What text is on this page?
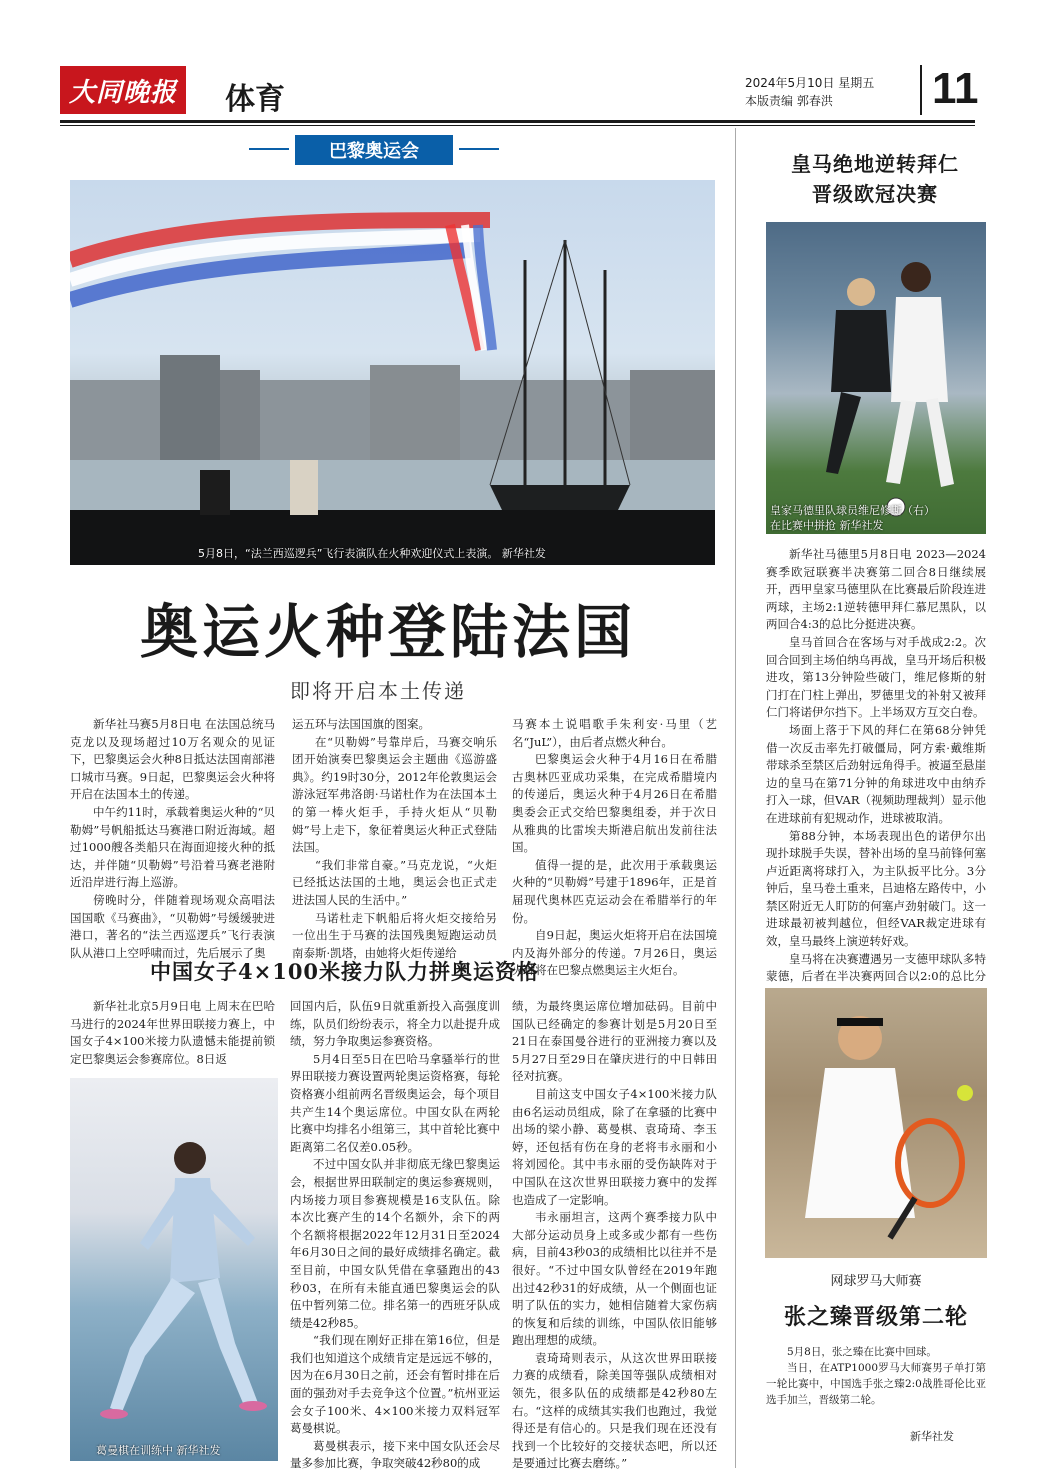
大同晚报	体育	2024年5月10日 星期五
本版责编 郭春洪 11
巴黎奥运会
5月8日，“法兰西巡逻兵”飞行表演队在火种欢迎仪式上表演。 新华社发
奥运火种登陆法国
即将开启本土传递

新华社马赛5月8日电 在法国总统马克龙以及现场超过10万名观众的见证下，巴黎奥运会火种8日抵达法国南部港口城市马赛。9日起，巴黎奥运会火种将开启在法国本土的传递。

中午约11时，承载着奥运火种的“贝勒姆”号帆船抵达马赛港口附近海域。超过1000艘各类船只在海面迎接火种的抵达，并伴随“贝勒姆”号沿着马赛老港附近沿岸进行海上巡游。

傍晚时分，伴随着现场观众高唱法国国歌《马赛曲》，“贝勒姆”号缓缓驶进港口，著名的“法兰西巡逻兵”飞行表演队从港口上空呼啸而过，先后展示了奥

运五环与法国国旗的图案。

在“贝勒姆”号靠岸后，马赛交响乐团开始演奏巴黎奥运会主题曲《巡游盛典》。约19时30分，2012年伦敦奥运会游泳冠军弗洛朗·马诺杜作为在法国本土的第一棒火炬手，手持火炬从“贝勒姆”号上走下，象征着奥运火种正式登陆法国。

“我们非常自豪。”马克龙说，“火炬已经抵达法国的土地，奥运会也正式走进法国人民的生活中。”

马诺杜走下帆船后将火炬交接给另一位出生于马赛的法国残奥短跑运动员南泰斯·凯塔，由她将火炬传递给

马赛本土说唱歌手朱利安·马里（艺名“JuL”），由后者点燃火种台。

巴黎奥运会火种于4月16日在希腊古奥林匹亚成功采集，在完成希腊境内的传递后，奥运火种于4月26日在希腊奥委会正式交给巴黎奥组委，并于次日从雅典的比雷埃夫斯港启航出发前往法国。

值得一提的是，此次用于承载奥运火种的“贝勒姆”号建于1896年，正是首届现代奥林匹克运动会在希腊举行的年份。

自9日起，奥运火炬将开启在法国境内及海外部分的传递。7月26日，奥运火种将在巴黎点燃奥运主火炬台。

中国女子4×100米接力队力拼奥运资格

新华社北京5月9日电 上周末在巴哈马进行的2024年世界田联接力赛上，中国女子4×100米接力队遗憾未能提前锁定巴黎奥运会参赛席位。8日返

葛曼棋在训练中 新华社发

回国内后，队伍9日就重新投入高强度训练，队员们纷纷表示，将全力以赴提升成绩，努力争取奥运参赛资格。

5月4日至5日在巴哈马拿骚举行的世界田联接力赛设置两轮奥运资格赛，每轮资格赛小组前两名晋级奥运会，每个项目共产生14个奥运席位。中国女队在两轮比赛中均排名小组第三，其中首轮比赛中距离第二名仅差0.05秒。

不过中国女队并非彻底无缘巴黎奥运会，根据世界田联制定的奥运参赛规则，内场接力项目参赛规模是16支队伍。除本次比赛产生的14个名额外，余下的两个名额将根据2022年12月31日至2024年6月30日之间的最好成绩排名确定。截至目前，中国女队凭借在拿骚跑出的43秒03，在所有未能直通巴黎奥运会的队伍中暂列第二位。排名第一的西班牙队成绩是42秒85。

“我们现在刚好正排在第16位，但是我们也知道这个成绩肯定是远远不够的，因为在6月30日之前，还会有暂时排在后面的强劲对手去竞争这个位置。”杭州亚运会女子100米、4×100米接力双料冠军葛曼棋说。

葛曼棋表示，接下来中国女队还会尽量多参加比赛，争取突破42秒80的成

绩，为最终奥运席位增加砝码。目前中国队已经确定的参赛计划是5月20日至21日在泰国曼谷进行的亚洲接力赛以及5月27日至29日在肇庆进行的中日韩田径对抗赛。

目前这支中国女子4×100米接力队由6名运动员组成，除了在拿骚的比赛中出场的梁小静、葛曼棋、袁琦琦、李玉婷，还包括有伤在身的老将韦永丽和小将刘园伦。其中韦永丽的受伤缺阵对于中国队在这次世界田联接力赛中的发挥也造成了一定影响。

韦永丽坦言，这两个赛季接力队中大部分运动员身上或多或少都有一些伤病，目前43秒03的成绩相比以往并不是很好。“不过中国女队曾经在2019年跑出过42秒31的好成绩，从一个侧面也证明了队伍的实力，她相信随着大家伤病的恢复和后续的训练，中国队依旧能够跑出理想的成绩。

袁琦琦则表示，从这次世界田联接力赛的成绩看，除美国等强队成绩相对领先，很多队伍的成绩都是42秒80左右。“这样的成绩其实我们也跑过，我觉得还是有信心的。只是我们现在还没有找到一个比较好的交接状态吧，所以还是要通过比赛去磨练。”

皇马绝地逆转拜仁
晋级欧冠决赛
皇家马德里队球员维尼修斯（右）
在比赛中拼抢 新华社发

新华社马德里5月8日电 2023—2024赛季欧冠联赛半决赛第二回合8日继续展开，西甲皇家马德里队在比赛最后阶段连进两球，主场2:1逆转德甲拜仁慕尼黑队，以两回合4:3的总比分挺进决赛。

皇马首回合在客场与对手战成2:2。次回合回到主场伯纳乌再战，皇马开场后积极进攻，第13分钟险些破门，维尼修斯的射门打在门柱上弹出，罗德里戈的补射又被拜仁门将诺伊尔挡下。上半场双方互交白卷。

场面上落于下风的拜仁在第68分钟凭借一次反击率先打破僵局，阿方索·戴维斯带球杀至禁区后劲射远角得手。被逼至悬崖边的皇马在第71分钟的角球进攻中由纳乔打入一球，但VAR（视频助理裁判）显示他在进球前有犯规动作，进球被取消。

第88分钟，本场表现出色的诺伊尔出现扑球脱手失误，替补出场的皇马前锋何塞卢近距离将球打入，为主队扳平比分。3分钟后，皇马卷土重来，吕迪格左路传中，小禁区附近无人盯防的何塞卢劲射破门。这一进球最初被判越位，但经VAR裁定进球有效，皇马最终上演逆转好戏。

皇马将在决赛遭遇另一支德甲球队多特蒙德，后者在半决赛两回合以2:0的总比分

网球罗马大师赛
张之臻晋级第二轮

5月8日，张之臻在比赛中回球。

当日，在ATP1000罗马大师赛男子单打第一轮比赛中，中国选手张之臻2:0战胜哥伦比亚选手加兰，晋级第二轮。

新华社发
